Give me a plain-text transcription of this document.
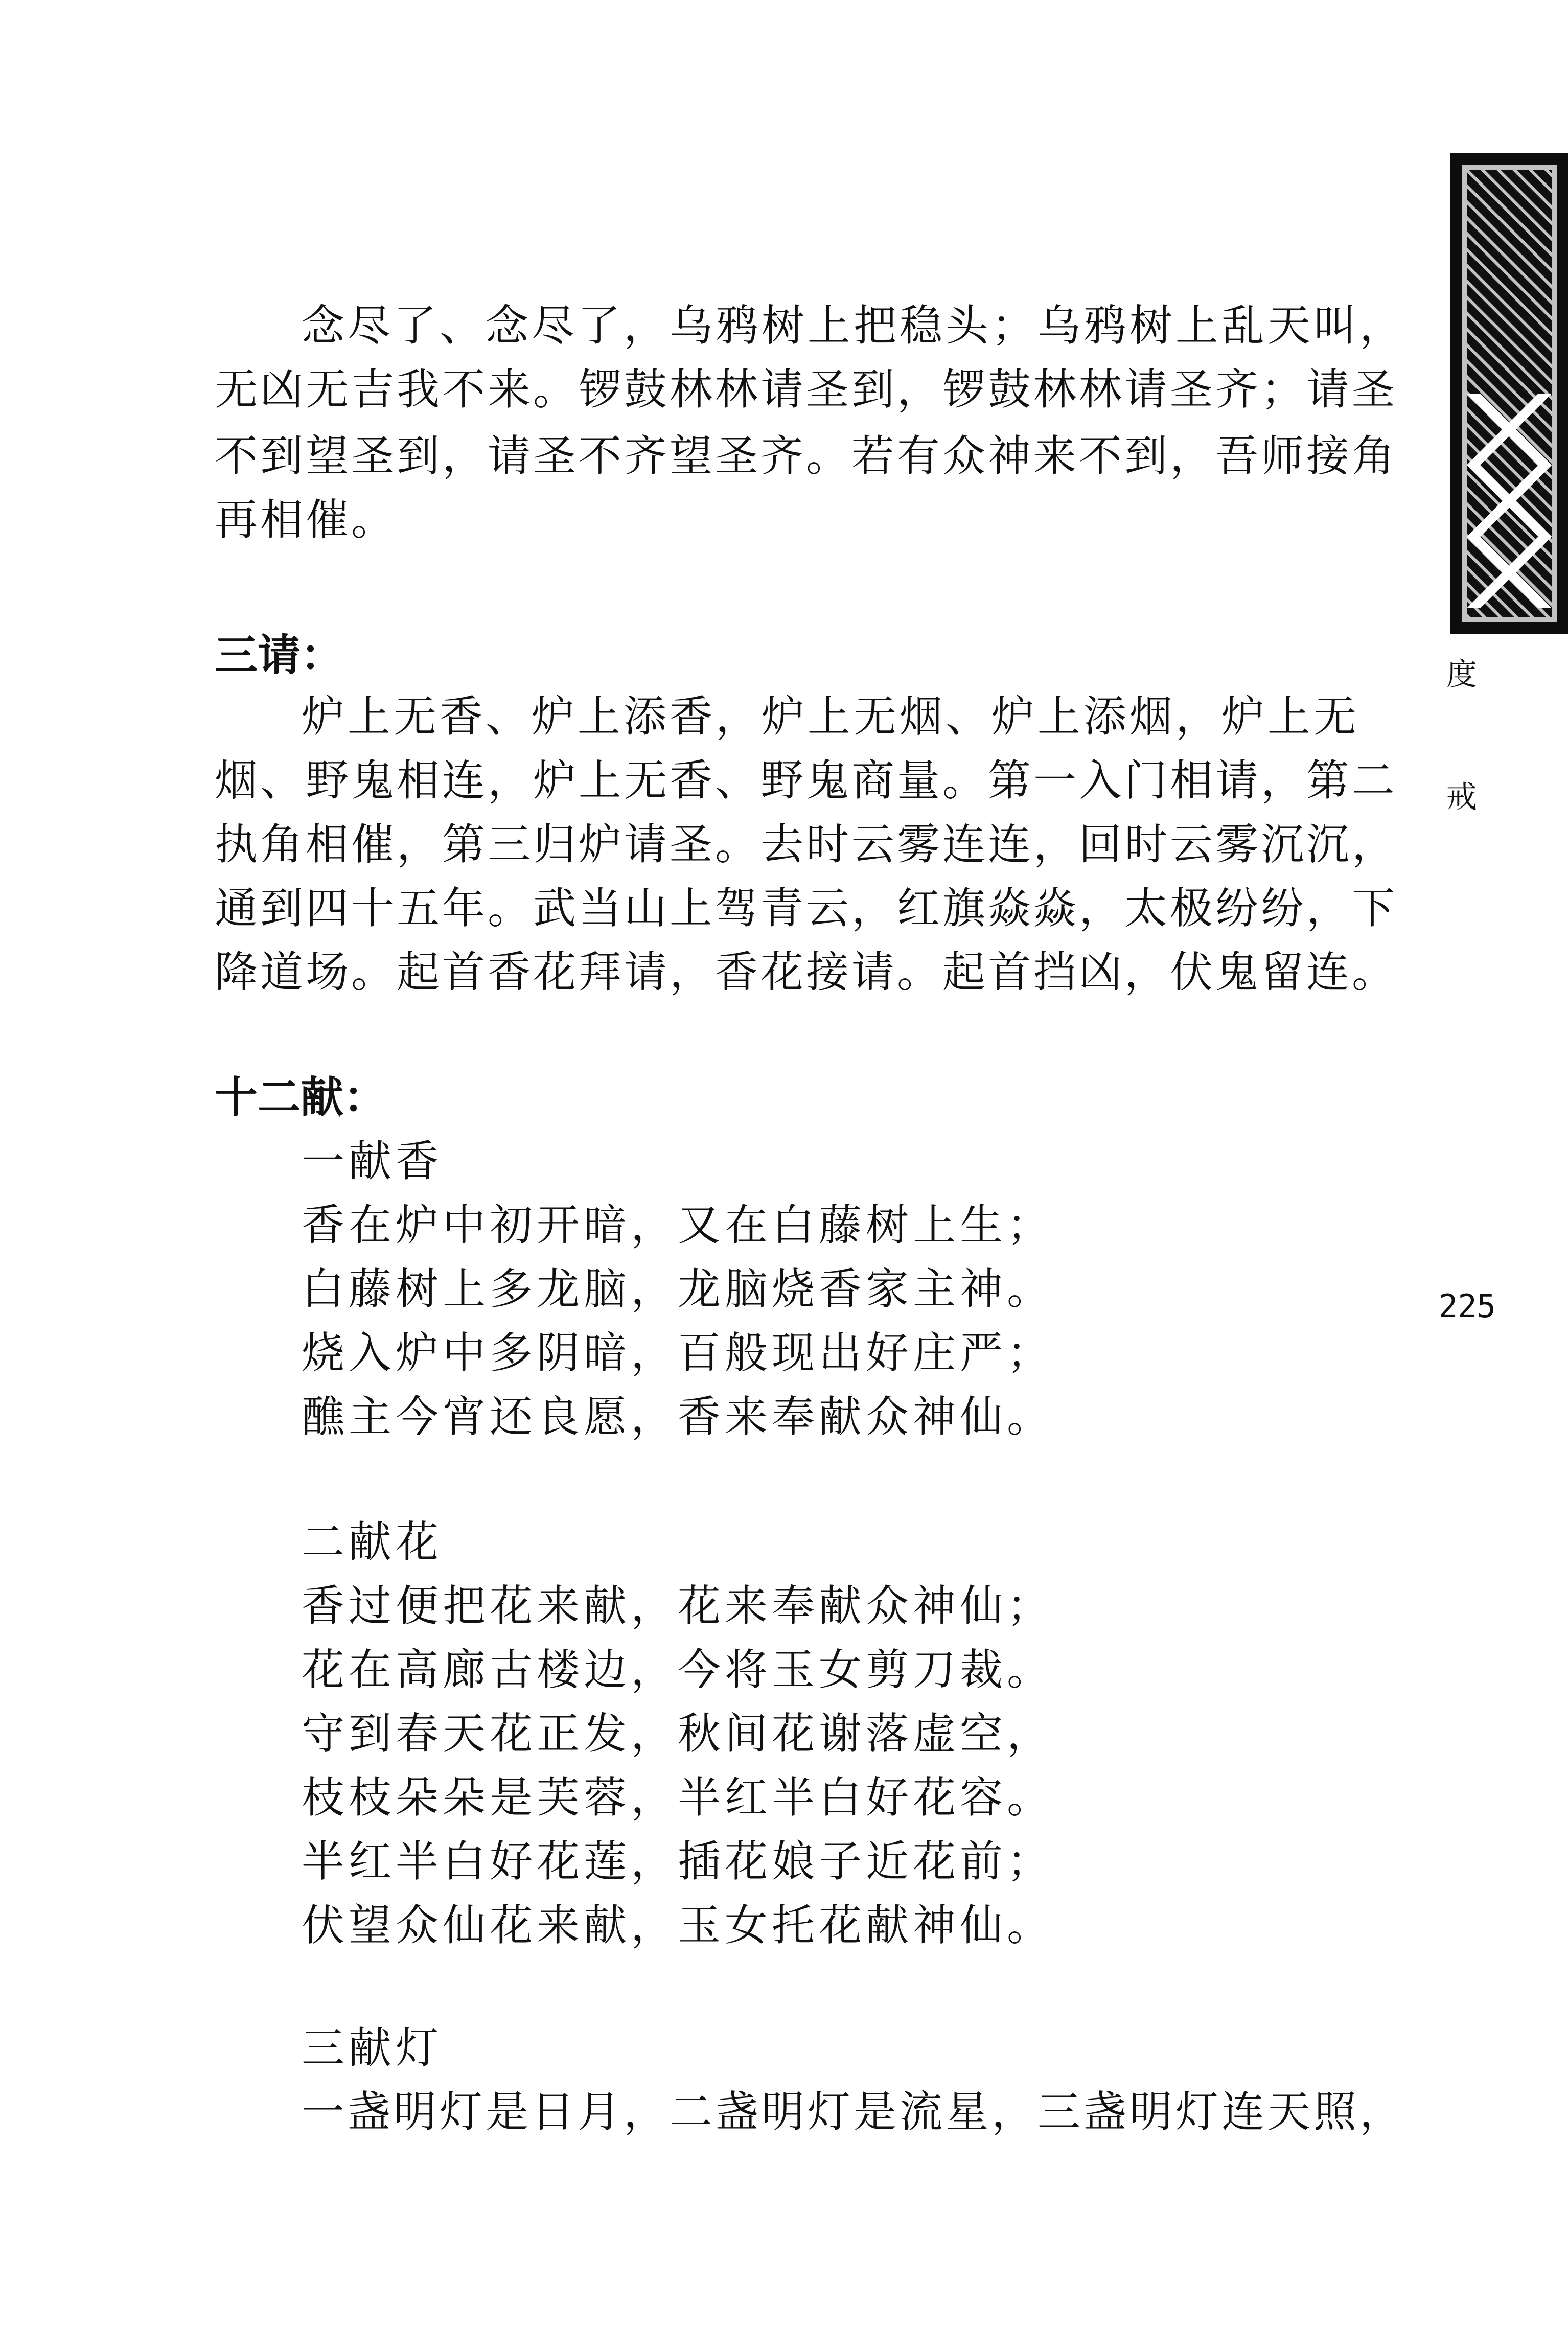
度
戒
225
念尽了、念尽了，乌鸦树上把稳头；乌鸦树上乱天叫，
无凶无吉我不来。锣鼓林林请圣到，锣鼓林林请圣齐；请圣
不到望圣到，请圣不齐望圣齐。若有众神来不到，吾师接角
再相催。
三请：
炉上无香、炉上添香，炉上无烟、炉上添烟，炉上无
烟、野鬼相连，炉上无香、野鬼商量。第一入门相请，第二
执角相催，第三归炉请圣。去时云雾连连，回时云雾沉沉，
通到四十五年。武当山上驾青云，红旗焱焱，太极纷纷，下
降道场。起首香花拜请，香花接请。起首挡凶，伏鬼留连。
十二献：
一献香
香在炉中初开暗，又在白藤树上生；
白藤树上多龙脑，龙脑烧香家主神。
烧入炉中多阴暗，百般现出好庄严；
醮主今宵还良愿，香来奉献众神仙。
二献花
香过便把花来献，花来奉献众神仙；
花在高廊古楼边，今将玉女剪刀裁。
守到春天花正发，秋间花谢落虚空，
枝枝朵朵是芙蓉，半红半白好花容。
半红半白好花莲，插花娘子近花前；
伏望众仙花来献，玉女托花献神仙。
三献灯
一盏明灯是日月，二盏明灯是流星，三盏明灯连天照，
